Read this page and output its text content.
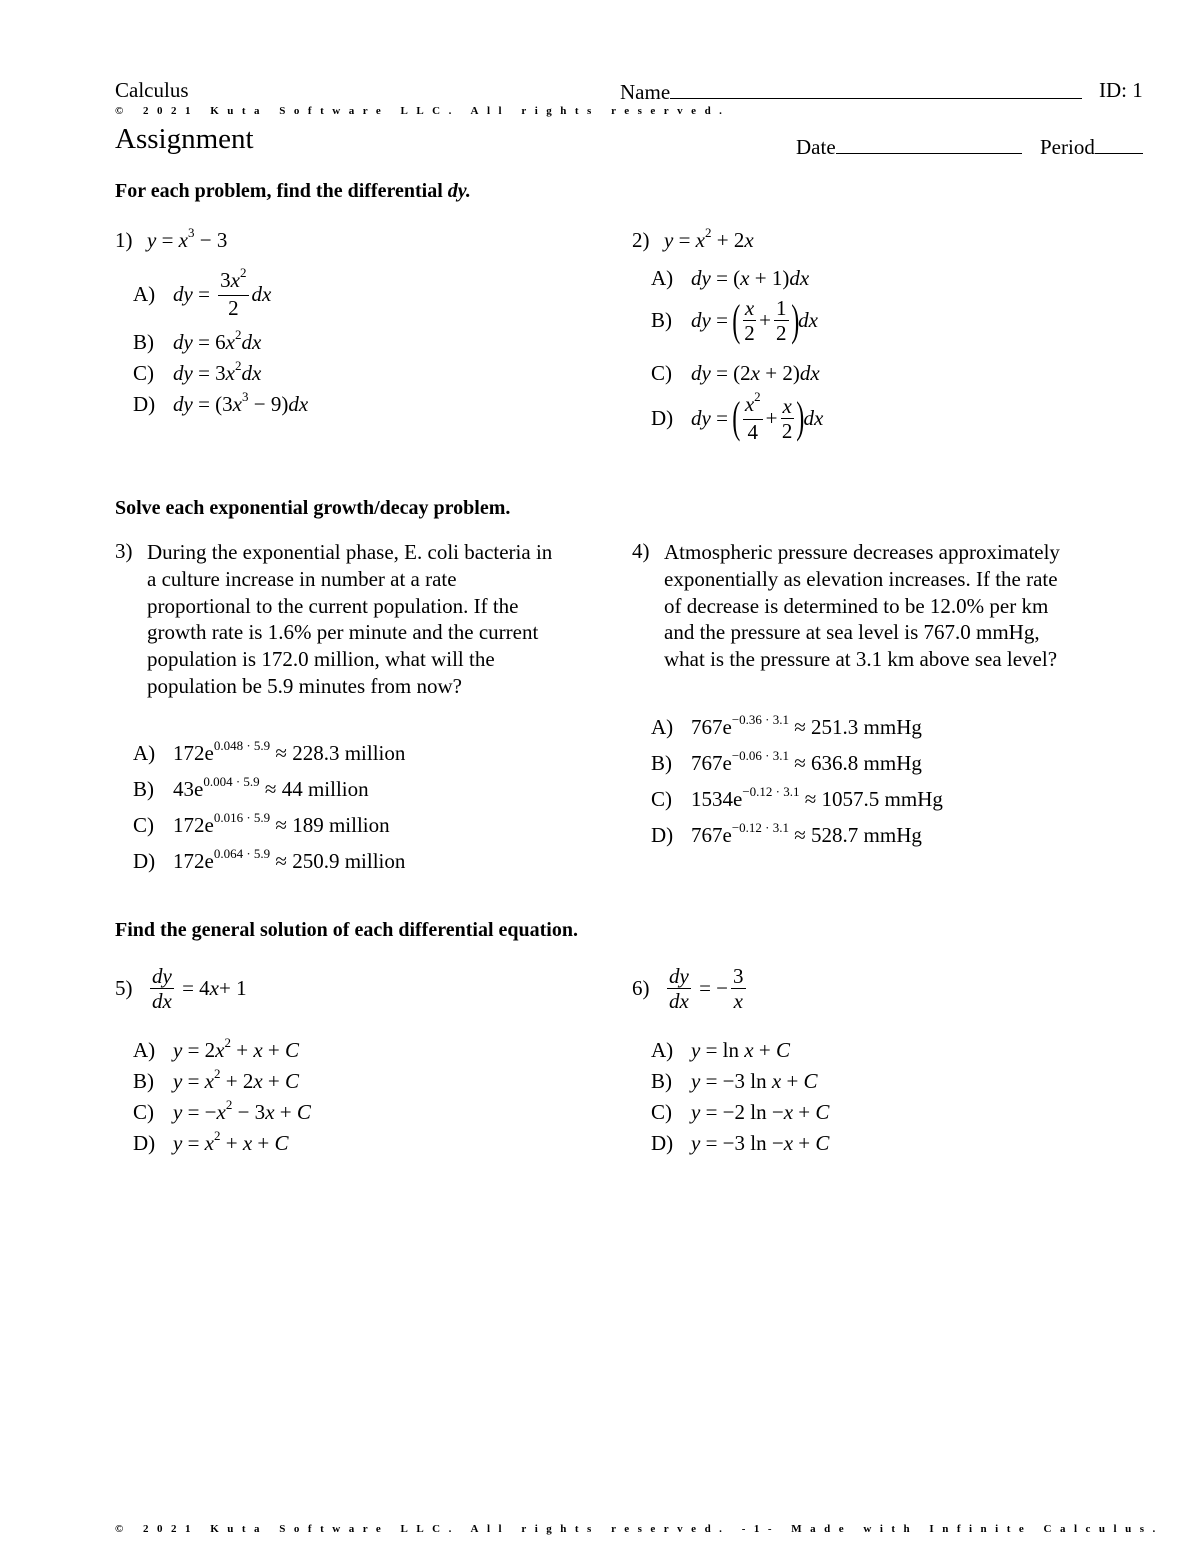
Calculus	Name	ID: 1
© 2021 Kuta Software LLC. All rights reserved.
Assignment	Date	Period
For each problem, find the differential dy.
1) $y = x^3 - 3$
A) dy = $\frac{3x^2}{2}$ dx
B) dy = $6x^2dx$
C) dy = $3x^2dx$
D) dy = $(3x^3 - 9)dx$
2) $y = x^2 + 2x$
A) dy = (x + 1)dx
B) dy = ( $\frac{x}{2} + \frac{1}{2}$ ) dx
C) dy = (2x + 2)dx
D) dy = ( $\frac{x^2}{4} + \frac{x}{2}$ ) dx
Solve each exponential growth/decay problem.
3) During the exponential phase, E. coli bacteria in a culture increase in number at a rate proportional to the current population. If the growth rate is 1.6% per minute and the current population is 172.0 million, what will the population be 5.9 minutes from now?
A) $172e^{0.048 \cdot 5.9} \approx 228.3$ million
B) $43e^{0.004 \cdot 5.9} \approx 44$ million
C) $172e^{0.016 \cdot 5.9} \approx 189$ million
D) $172e^{0.064 \cdot 5.9} \approx 250.9$ million
4) Atmospheric pressure decreases approximately exponentially as elevation increases. If the rate of decrease is determined to be 12.0% per km and the pressure at sea level is 767.0 mmHg, what is the pressure at 3.1 km above sea level?
A) $767e^{-0.36 \cdot 3.1} \approx 251.3$ mmHg
B) $767e^{-0.06 \cdot 3.1} \approx 636.8$ mmHg
C) $1534e^{-0.12 \cdot 3.1} \approx 1057.5$ mmHg
D) $767e^{-0.12 \cdot 3.1} \approx 528.7$ mmHg
Find the general solution of each differential equation.
$5) \frac{dy}{dx} = 4$ x + 1
A) $y = 2x^2 + x + C$
B) $y = x^2 + 2x + C$
C) $y = -x^2 - 3x + C$
D) $y = x^2 + x + C$
$6) \frac{dy}{dx}$ = − $\frac{3}{x}$
A) y = ln x + C
B) y = −3 ln x + C
C) y = −2 ln −x + C
D) y = −3 ln −x + C
© 2021 Kuta Software LLC. All rights reserved. -1- Made with Infinite Calculus.
